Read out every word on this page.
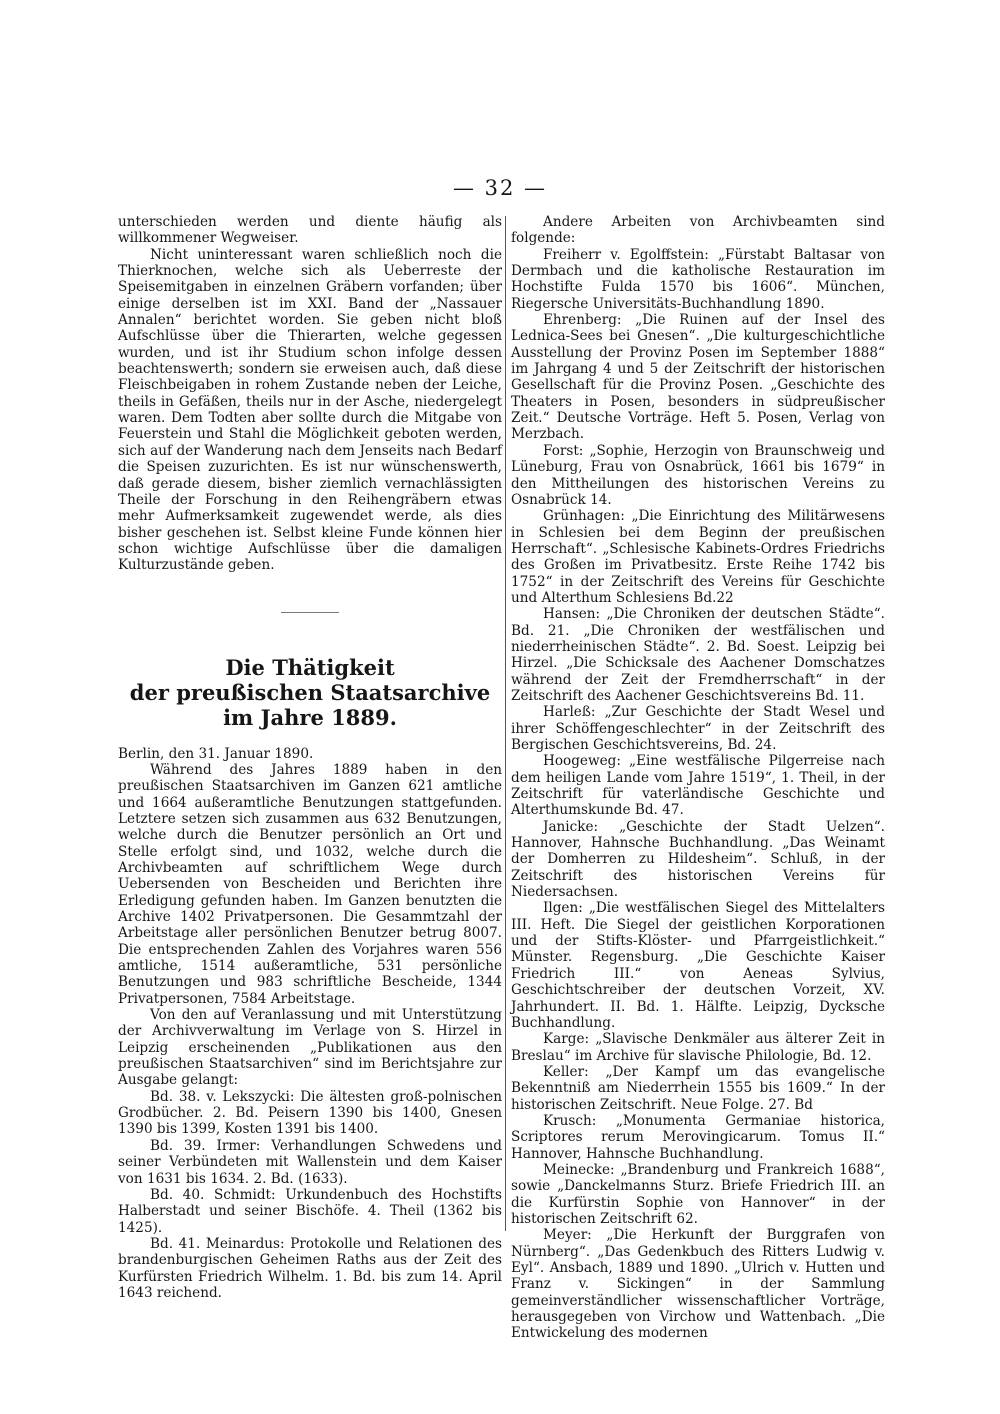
— 32 —

unterschieden werden und diente häufig als willkommener Wegweiser.

Nicht uninteressant waren schließlich noch die Thierknochen, welche sich als Ueberreste der Speisemitgaben in einzelnen Gräbern vorfanden; über einige derselben ist im XXI. Band der „Nassauer Annalen“ berichtet worden. Sie geben nicht bloß Aufschlüsse über die Thierarten, welche gegessen wurden, und ist ihr Studium schon infolge dessen beachtenswerth; sondern sie erweisen auch, daß diese Fleischbeigaben in rohem Zustande neben der Leiche, theils in Gefäßen, theils nur in der Asche, niedergelegt waren. Dem Todten aber sollte durch die Mitgabe von Feuerstein und Stahl die Möglichkeit geboten werden, sich auf der Wanderung nach dem Jenseits nach Bedarf die Speisen zuzurichten. Es ist nur wünschenswerth, daß gerade diesem, bisher ziemlich vernachlässigten Theile der Forschung in den Reihengräbern etwas mehr Aufmerksamkeit zugewendet werde, als dies bisher geschehen ist. Selbst kleine Funde können hier schon wichtige Aufschlüsse über die damaligen Kulturzustände geben.

Die Thätigkeit
der preußischen Staatsarchive
im Jahre 1889.

Berlin, den 31. Januar 1890.

Während des Jahres 1889 haben in den preußischen Staatsarchiven im Ganzen 621 amtliche und 1664 außeramtliche Benutzungen stattgefunden. Letztere setzen sich zusammen aus 632 Benutzungen, welche durch die Benutzer persönlich an Ort und Stelle erfolgt sind, und 1032, welche durch die Archivbeamten auf schriftlichem Wege durch Uebersenden von Bescheiden und Berichten ihre Erledigung gefunden haben. Im Ganzen benutzten die Archive 1402 Privatpersonen. Die Gesammtzahl der Arbeitstage aller persönlichen Benutzer betrug 8007. Die entsprechenden Zahlen des Vorjahres waren 556 amtliche, 1514 außeramtliche, 531 persönliche Benutzungen und 983 schriftliche Bescheide, 1344 Privatpersonen, 7584 Arbeitstage.

Von den auf Veranlassung und mit Unterstützung der Archivverwaltung im Verlage von S. Hirzel in Leipzig erscheinenden „Publikationen aus den preußischen Staatsarchiven“ sind im Berichtsjahre zur Ausgabe gelangt:

Bd. 38. v. Lekszycki: Die ältesten groß-polnischen Grodbücher. 2. Bd. Peisern 1390 bis 1400, Gnesen 1390 bis 1399, Kosten 1391 bis 1400.

Bd. 39. Irmer: Verhandlungen Schwedens und seiner Verbündeten mit Wallenstein und dem Kaiser von 1631 bis 1634. 2. Bd. (1633).

Bd. 40. Schmidt: Urkundenbuch des Hochstifts Halberstadt und seiner Bischöfe. 4. Theil (1362 bis 1425).

Bd. 41. Meinardus: Protokolle und Relationen des brandenburgischen Geheimen Raths aus der Zeit des Kurfürsten Friedrich Wilhelm. 1. Bd. bis zum 14. April 1643 reichend.

Andere Arbeiten von Archivbeamten sind folgende:

Freiherr v. Egolffstein: „Fürstabt Baltasar von Dermbach und die katholische Restauration im Hochstifte Fulda 1570 bis 1606“. München, Riegersche Universitäts-Buchhandlung 1890.

Ehrenberg: „Die Ruinen auf der Insel des Lednica-Sees bei Gnesen“. „Die kulturgeschichtliche Ausstellung der Provinz Posen im September 1888“ im Jahrgang 4 und 5 der Zeitschrift der historischen Gesellschaft für die Provinz Posen. „Geschichte des Theaters in Posen, besonders in südpreußischer Zeit.“ Deutsche Vorträge. Heft 5. Posen, Verlag von Merzbach.

Forst: „Sophie, Herzogin von Braunschweig und Lüneburg, Frau von Osnabrück, 1661 bis 1679“ in den Mittheilungen des historischen Vereins zu Osnabrück 14.

Grünhagen: „Die Einrichtung des Militärwesens in Schlesien bei dem Beginn der preußischen Herrschaft“. „Schlesische Kabinets-Ordres Friedrichs des Großen im Privatbesitz. Erste Reihe 1742 bis 1752“ in der Zeitschrift des Vereins für Geschichte und Alterthum Schlesiens Bd.22

Hansen: „Die Chroniken der deutschen Städte“. Bd. 21. „Die Chroniken der westfälischen und niederrheinischen Städte“. 2. Bd. Soest. Leipzig bei Hirzel. „Die Schicksale des Aachener Domschatzes während der Zeit der Fremdherrschaft“ in der Zeitschrift des Aachener Geschichtsvereins Bd. 11.

Harleß: „Zur Geschichte der Stadt Wesel und ihrer Schöffengeschlechter“ in der Zeitschrift des Bergischen Geschichtsvereins, Bd. 24.

Hoogeweg: „Eine westfälische Pilgerreise nach dem heiligen Lande vom Jahre 1519“, 1. Theil, in der Zeitschrift für vaterländische Geschichte und Alterthumskunde Bd. 47.

Janicke: „Geschichte der Stadt Uelzen“. Hannover, Hahnsche Buchhandlung. „Das Weinamt der Domherren zu Hildesheim“. Schluß, in der Zeitschrift des historischen Vereins für Niedersachsen.

Ilgen: „Die westfälischen Siegel des Mittelalters III. Heft. Die Siegel der geistlichen Korporationen und der Stifts-Klöster- und Pfarrgeistlichkeit.“ Münster. Regensburg. „Die Geschichte Kaiser Friedrich III.“ von Aeneas Sylvius, Geschichtschreiber der deutschen Vorzeit, XV. Jahrhundert. II. Bd. 1. Hälfte. Leipzig, Dycksche Buchhandlung.

Karge: „Slavische Denkmäler aus älterer Zeit in Breslau“ im Archive für slavische Philologie, Bd. 12.

Keller: „Der Kampf um das evangelische Bekenntniß am Niederrhein 1555 bis 1609.“ In der historischen Zeitschrift. Neue Folge. 27. Bd

Krusch: „Monumenta Germaniae historica, Scriptores rerum Merovingicarum. Tomus II.“ Hannover, Hahnsche Buchhandlung.

Meinecke: „Brandenburg und Frankreich 1688“, sowie „Danckelmanns Sturz. Briefe Friedrich III. an die Kurfürstin Sophie von Hannover“ in der historischen Zeitschrift 62.

Meyer: „Die Herkunft der Burggrafen von Nürnberg“. „Das Gedenkbuch des Ritters Ludwig v. Eyl“. Ansbach, 1889 und 1890. „Ulrich v. Hutten und Franz v. Sickingen“ in der Sammlung gemeinverständlicher wissenschaftlicher Vorträge, herausgegeben von Virchow und Wattenbach. „Die Entwickelung des modernen
